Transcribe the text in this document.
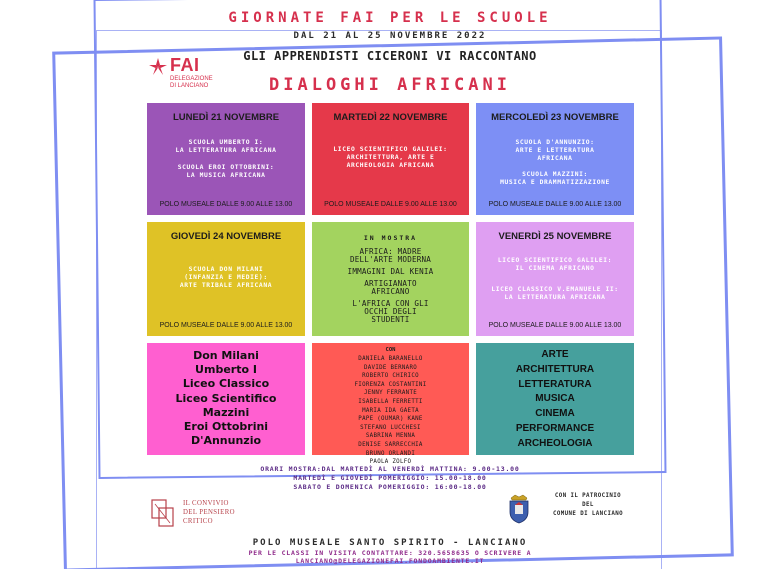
GIORNATE FAI PER LE SCUOLE
DAL 21 AL 25 NOVEMBRE 2022
GLI APPRENDISTI CICERONI VI RACCONTANO
DIALOGHI AFRICANI
FAI
DELEGAZIONE
DI LANCIANO
LUNEDÌ 21 NOVEMBRE
SCUOLA UMBERTO I:
LA LETTERATURA AFRICANA
SCUOLA EROI OTTOBRINI:
LA MUSICA AFRICANA
POLO MUSEALE DALLE 9.00 ALLE 13.00
MARTEDÌ 22 NOVEMBRE
LICEO SCIENTIFICO GALILEI:
ARCHITETTURA, ARTE E
ARCHEOLOGIA AFRICANA
POLO MUSEALE DALLE 9.00 ALLE 13.00
MERCOLEDÌ 23 NOVEMBRE
SCUOLA D'ANNUNZIO:
ARTE E LETTERATURA
AFRICANA
SCUOLA MAZZINI:
MUSICA E DRAMMATIZZAZIONE
POLO MUSEALE DALLE 9.00 ALLE 13.00
GIOVEDÌ 24 NOVEMBRE
SCUOLA DON MILANI
(INFANZIA E MEDIE):
ARTE TRIBALE AFRICANA
POLO MUSEALE DALLE 9.00 ALLE 13.00
IN MOSTRA
AFRICA: MADRE
DELL'ARTE MODERNA
IMMAGINI DAL KENIA
ARTIGIANATO
AFRICANO
L'AFRICA CON GLI
OCCHI DEGLI
STUDENTI
VENERDÌ 25 NOVEMBRE
LICEO SCIENTIFICO GALILEI:
IL CINEMA AFRICANO
LICEO CLASSICO V.EMANUELE II:
LA LETTERATURA AFRICANA
POLO MUSEALE DALLE 9.00 ALLE 13.00
Don Milani
Umberto I
Liceo Classico
Liceo Scientifico
Mazzini
Eroi Ottobrini
D'Annunzio
CON
DANIELA BARANELLO
DAVIDE BERNARO
ROBERTO CHIRICO
FIORENZA COSTANTINI
JENNY FERRANTE
ISABELLA FERRETTI
MARIA IDA GAETA
PAPE (OUMAR) KANE
STEFANO LUCCHESI
SABRINA MENNA
DENISE SARRECCHIA
BRUNO ORLANDI
PAOLA ZOLFO
ARTE
ARCHITETTURA
LETTERATURA
MUSICA
CINEMA
PERFORMANCE
ARCHEOLOGIA
ORARI MOSTRA:DAL MARTEDÌ AL VENERDÌ MATTINA: 9.00-13.00
MARTEDÌ E GIOVEDÌ POMERIGGIO: 15.00-18.00
SABATO E DOMENICA POMERIGGIO: 16:00-18.00
IL CONVIVIO
DEL PENSIERO
CRITICO
CON IL PATROCINIO
DEL
COMUNE DI LANCIANO
POLO MUSEALE SANTO SPIRITO - LANCIANO
PER LE CLASSI IN VISITA CONTATTARE: 320.5658635 O SCRIVERE A
LANCIANO@DELEGAZIONEFAI.FONDOAMBIENTE.IT
